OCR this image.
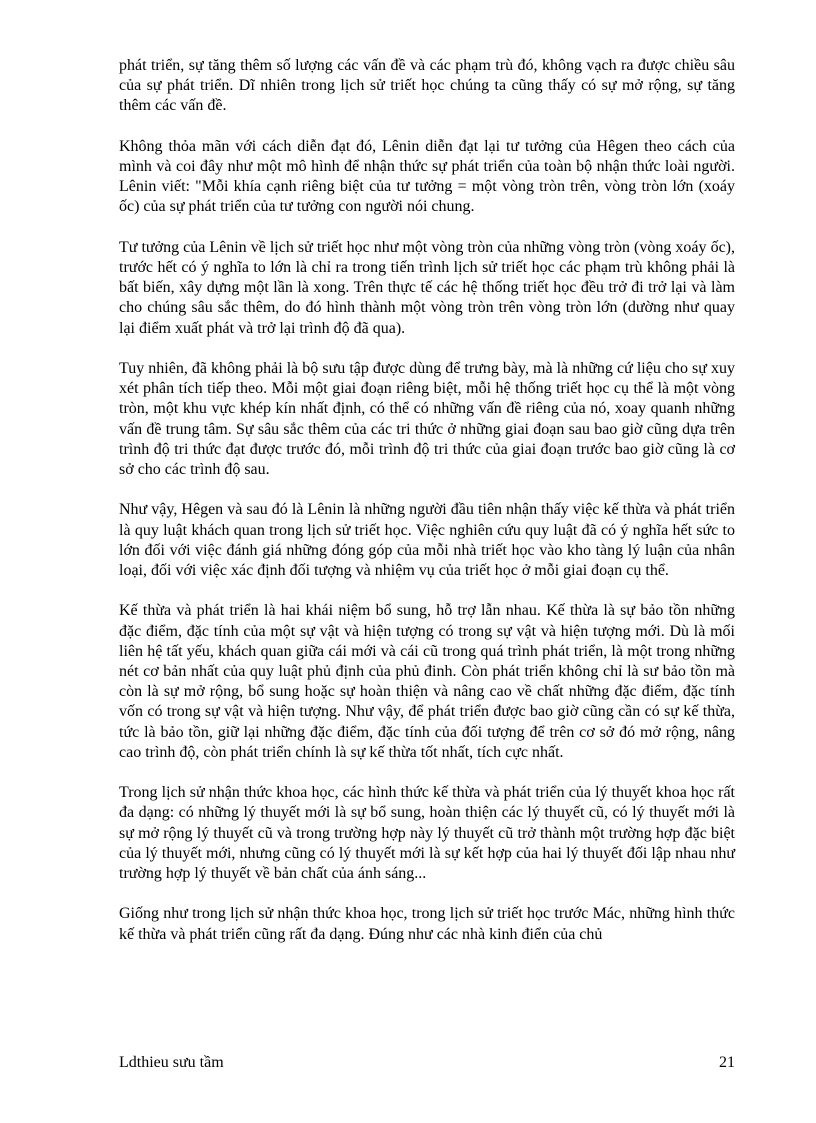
phát triển, sự tăng thêm số lượng các vấn đề và các phạm trù đó, không vạch ra được chiều sâu của sự phát triển. Dĩ nhiên trong lịch sử triết học chúng ta cũng thấy có sự mở rộng, sự tăng thêm các vấn đề.

Không thỏa mãn với cách diễn đạt đó, Lênin diễn đạt lại tư tưởng của Hêgen theo cách của mình và coi đây như một mô hình để nhận thức sự phát triển của toàn bộ nhận thức loài người. Lênin viết: "Mỗi khía cạnh riêng biệt của tư tưởng = một vòng tròn trên, vòng tròn lớn (xoáy ốc) của sự phát triển của tư tưởng con người nói chung.

Tư tưởng của Lênin về lịch sử triết học như một vòng tròn của những vòng tròn (vòng xoáy ốc), trước hết có ý nghĩa to lớn là chỉ ra trong tiến trình lịch sử triết học các phạm trù không phải là bất biến, xây dựng một lần là xong. Trên thực tế các hệ thống triết học đều trở đi trở lại và làm cho chúng sâu sắc thêm, do đó hình thành một vòng tròn trên vòng tròn lớn (dường như quay lại điểm xuất phát và trở lại trình độ đã qua).

Tuy nhiên, đã không phải là bộ sưu tập được dùng để trưng bày, mà là những cứ liệu cho sự xuy xét phân tích tiếp theo. Mỗi một giai đoạn riêng biệt, mỗi hệ thống triết học cụ thể là một vòng tròn, một khu vực khép kín nhất định, có thể có những vấn đề riêng của nó, xoay quanh những vấn đề trung tâm. Sự sâu sắc thêm của các tri thức ở những giai đoạn sau bao giờ cũng dựa trên trình độ tri thức đạt được trước đó, mỗi trình độ tri thức của giai đoạn trước bao giờ cũng là cơ sở cho các trình độ sau.

Như vậy, Hêgen và sau đó là Lênin là những người đầu tiên nhận thấy việc kế thừa và phát triển là quy luật khách quan trong lịch sử triết học. Việc nghiên cứu quy luật đã có ý nghĩa hết sức to lớn đối với việc đánh giá những đóng góp của mỗi nhà triết học vào kho tàng lý luận của nhân loại, đối với việc xác định đối tượng và nhiệm vụ của triết học ở mỗi giai đoạn cụ thể.

Kế thừa và phát triển là hai khái niệm bổ sung, hỗ trợ lẫn nhau. Kế thừa là sự bảo tồn những đặc điểm, đặc tính của một sự vật và hiện tượng có trong sự vật và hiện tượng mới. Dù là mối liên hệ tất yếu, khách quan giữa cái mới và cái cũ trong quá trình phát triển, là một trong những nét cơ bản nhất của quy luật phủ định của phủ đinh. Còn phát triển không chỉ là sư bảo tồn mà còn là sự mở rộng, bổ sung hoặc sự hoàn thiện và nâng cao về chất những đặc điểm, đặc tính vốn có trong sự vật và hiện tượng. Như vậy, để phát triển được bao giờ cũng cần có sự kế thừa, tức là bảo tồn, giữ lại những đặc điểm, đặc tính của đối tượng để trên cơ sở đó mở rộng, nâng cao trình độ, còn phát triển chính là sự kế thừa tốt nhất, tích cực nhất.

Trong lịch sử nhận thức khoa học, các hình thức kế thừa và phát triển của lý thuyết khoa học rất đa dạng: có những lý thuyết mới là sự bổ sung, hoàn thiện các lý thuyết cũ, có lý thuyết mới là sự mở rộng lý thuyết cũ và trong trường hợp này lý thuyết cũ trở thành một trường hợp đặc biệt của lý thuyết mới, nhưng cũng có lý thuyết mới là sự kết hợp của hai lý thuyết đối lập nhau như trường hợp lý thuyết về bản chất của ánh sáng...

Giống như trong lịch sử nhận thức khoa học, trong lịch sử triết học trước Mác, những hình thức kế thừa và phát triển cũng rất đa dạng. Đúng như các nhà kinh điển của chủ

Ldthieu sưu tầm	21
